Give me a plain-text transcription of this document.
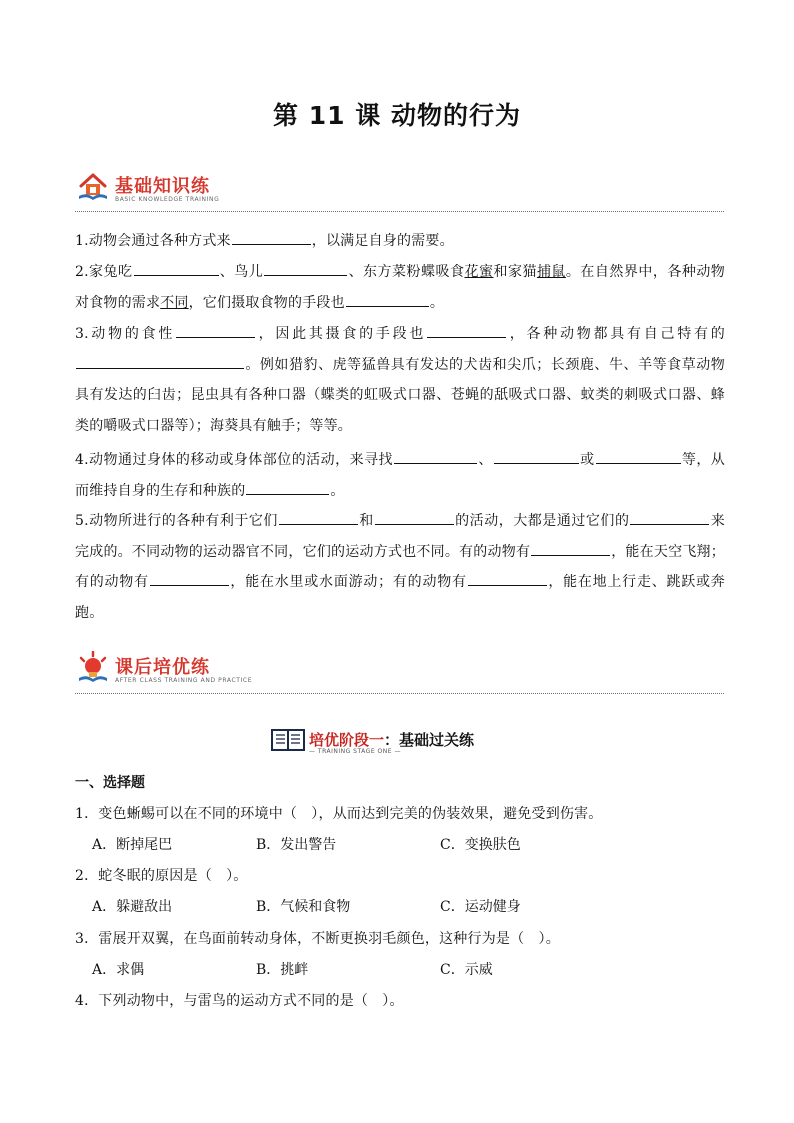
第 11 课 动物的行为
基础知识练
BASIC KNOWLEDGE TRAINING
1.动物会通过各种方式来	，以满足自身的需要。
2.家兔吃	、鸟儿	、东方菜粉蝶吸食花蜜和家猫捕鼠。在自然界中，各种动物对食物的需求不同，它们摄取食物的手段也	。
3.动物的食性	，因此其摄食的手段也	，各种动物都具有自己特有的。例如猎豹、虎等猛兽具有发达的犬齿和尖爪；长颈鹿、牛、羊等食草动物具有发达的臼齿；昆虫具有各种口器（蝶类的虹吸式口器、苍蝇的舐吸式口器、蚊类的刺吸式口器、蜂类的嚼吸式口器等）；海葵具有触手；等等。
4.动物通过身体的移动或身体部位的活动，来寻找	、	或	等，从而维持自身的生存和种族的	。
5.动物所进行的各种有利于它们	和	的活动，大都是通过它们的	来完成的。不同动物的运动器官不同，它们的运动方式也不同。有的动物有	，能在天空飞翔；有的动物有	，能在水里或水面游动；有的动物有	，能在地上行走、跳跃或奔跑。
课后培优练
AFTER CLASS TRAINING AND PRACTICE
培优阶段一：基础过关练
— TRAINING STAGE ONE —
一、选择题
1．变色蜥蜴可以在不同的环境中（　），从而达到完美的伪装效果，避免受到伤害。
A．断掉尾巴	B．发出警告	C．变换肤色
2．蛇冬眠的原因是（　）。
A．躲避敌出	B．气候和食物	C．运动健身
3．雷展开双翼，在鸟面前转动身体，不断更换羽毛颜色，这种行为是（　）。
A．求偶	B．挑衅	C．示威
4．下列动物中，与雷鸟的运动方式不同的是（　）。
